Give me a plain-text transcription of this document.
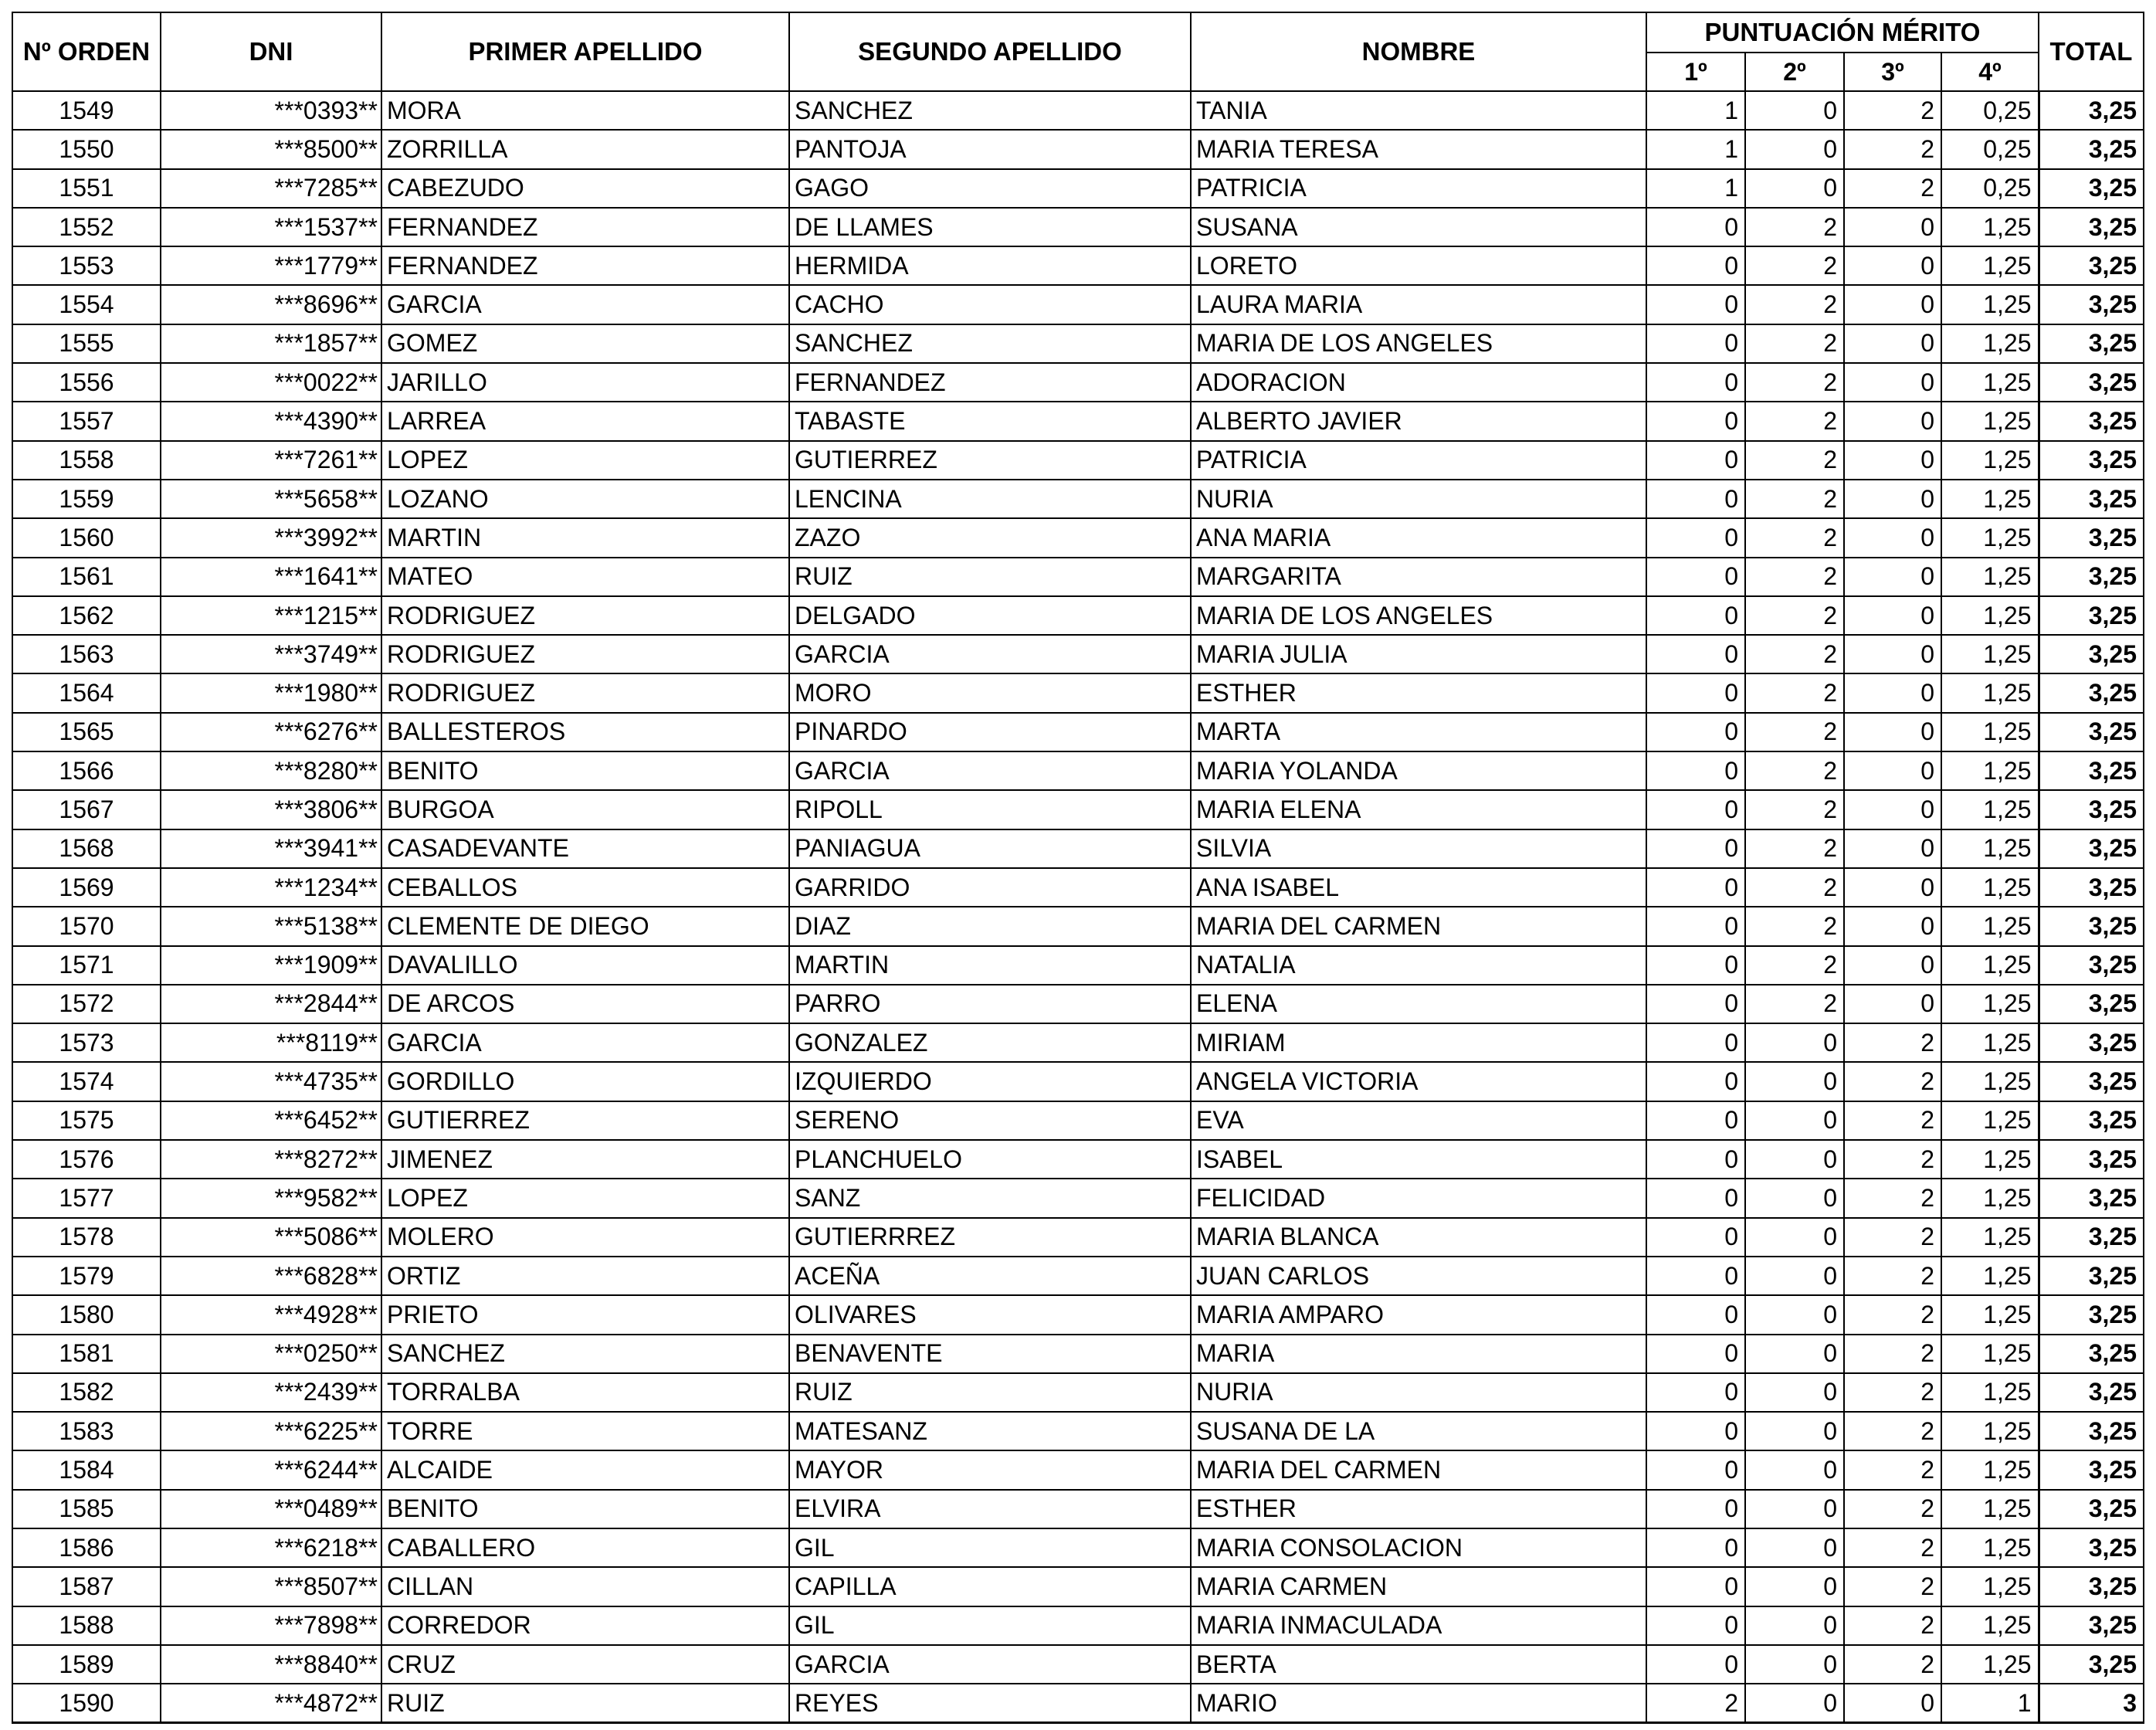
Nº ORDEN	DNI	PRIMER APELLIDO	SEGUNDO APELLIDO	NOMBRE	PUNTUACIÓN MÉRITO				TOTAL
					1º	2º	3º	4º	
1549	***0393**	MORA	SANCHEZ	TANIA	1	0	2	0,25	3,25
1550	***8500**	ZORRILLA	PANTOJA	MARIA TERESA	1	0	2	0,25	3,25
1551	***7285**	CABEZUDO	GAGO	PATRICIA	1	0	2	0,25	3,25
1552	***1537**	FERNANDEZ	DE LLAMES	SUSANA	0	2	0	1,25	3,25
1553	***1779**	FERNANDEZ	HERMIDA	LORETO	0	2	0	1,25	3,25
1554	***8696**	GARCIA	CACHO	LAURA MARIA	0	2	0	1,25	3,25
1555	***1857**	GOMEZ	SANCHEZ	MARIA DE LOS ANGELES	0	2	0	1,25	3,25
1556	***0022**	JARILLO	FERNANDEZ	ADORACION	0	2	0	1,25	3,25
1557	***4390**	LARREA	TABASTE	ALBERTO JAVIER	0	2	0	1,25	3,25
1558	***7261**	LOPEZ	GUTIERREZ	PATRICIA	0	2	0	1,25	3,25
1559	***5658**	LOZANO	LENCINA	NURIA	0	2	0	1,25	3,25
1560	***3992**	MARTIN	ZAZO	ANA MARIA	0	2	0	1,25	3,25
1561	***1641**	MATEO	RUIZ	MARGARITA	0	2	0	1,25	3,25
1562	***1215**	RODRIGUEZ	DELGADO	MARIA DE LOS ANGELES	0	2	0	1,25	3,25
1563	***3749**	RODRIGUEZ	GARCIA	MARIA JULIA	0	2	0	1,25	3,25
1564	***1980**	RODRIGUEZ	MORO	ESTHER	0	2	0	1,25	3,25
1565	***6276**	BALLESTEROS	PINARDO	MARTA	0	2	0	1,25	3,25
1566	***8280**	BENITO	GARCIA	MARIA YOLANDA	0	2	0	1,25	3,25
1567	***3806**	BURGOA	RIPOLL	MARIA ELENA	0	2	0	1,25	3,25
1568	***3941**	CASADEVANTE	PANIAGUA	SILVIA	0	2	0	1,25	3,25
1569	***1234**	CEBALLOS	GARRIDO	ANA ISABEL	0	2	0	1,25	3,25
1570	***5138**	CLEMENTE DE DIEGO	DIAZ	MARIA DEL CARMEN	0	2	0	1,25	3,25
1571	***1909**	DAVALILLO	MARTIN	NATALIA	0	2	0	1,25	3,25
1572	***2844**	DE ARCOS	PARRO	ELENA	0	2	0	1,25	3,25
1573	***8119**	GARCIA	GONZALEZ	MIRIAM	0	0	2	1,25	3,25
1574	***4735**	GORDILLO	IZQUIERDO	ANGELA VICTORIA	0	0	2	1,25	3,25
1575	***6452**	GUTIERREZ	SERENO	EVA	0	0	2	1,25	3,25
1576	***8272**	JIMENEZ	PLANCHUELO	ISABEL	0	0	2	1,25	3,25
1577	***9582**	LOPEZ	SANZ	FELICIDAD	0	0	2	1,25	3,25
1578	***5086**	MOLERO	GUTIERRREZ	MARIA BLANCA	0	0	2	1,25	3,25
1579	***6828**	ORTIZ	ACEÑA	JUAN CARLOS	0	0	2	1,25	3,25
1580	***4928**	PRIETO	OLIVARES	MARIA AMPARO	0	0	2	1,25	3,25
1581	***0250**	SANCHEZ	BENAVENTE	MARIA	0	0	2	1,25	3,25
1582	***2439**	TORRALBA	RUIZ	NURIA	0	0	2	1,25	3,25
1583	***6225**	TORRE	MATESANZ	SUSANA DE LA	0	0	2	1,25	3,25
1584	***6244**	ALCAIDE	MAYOR	MARIA DEL CARMEN	0	0	2	1,25	3,25
1585	***0489**	BENITO	ELVIRA	ESTHER	0	0	2	1,25	3,25
1586	***6218**	CABALLERO	GIL	MARIA CONSOLACION	0	0	2	1,25	3,25
1587	***8507**	CILLAN	CAPILLA	MARIA CARMEN	0	0	2	1,25	3,25
1588	***7898**	CORREDOR	GIL	MARIA INMACULADA	0	0	2	1,25	3,25
1589	***8840**	CRUZ	GARCIA	BERTA	0	0	2	1,25	3,25
1590	***4872**	RUIZ	REYES	MARIO	2	0	0	1	3
